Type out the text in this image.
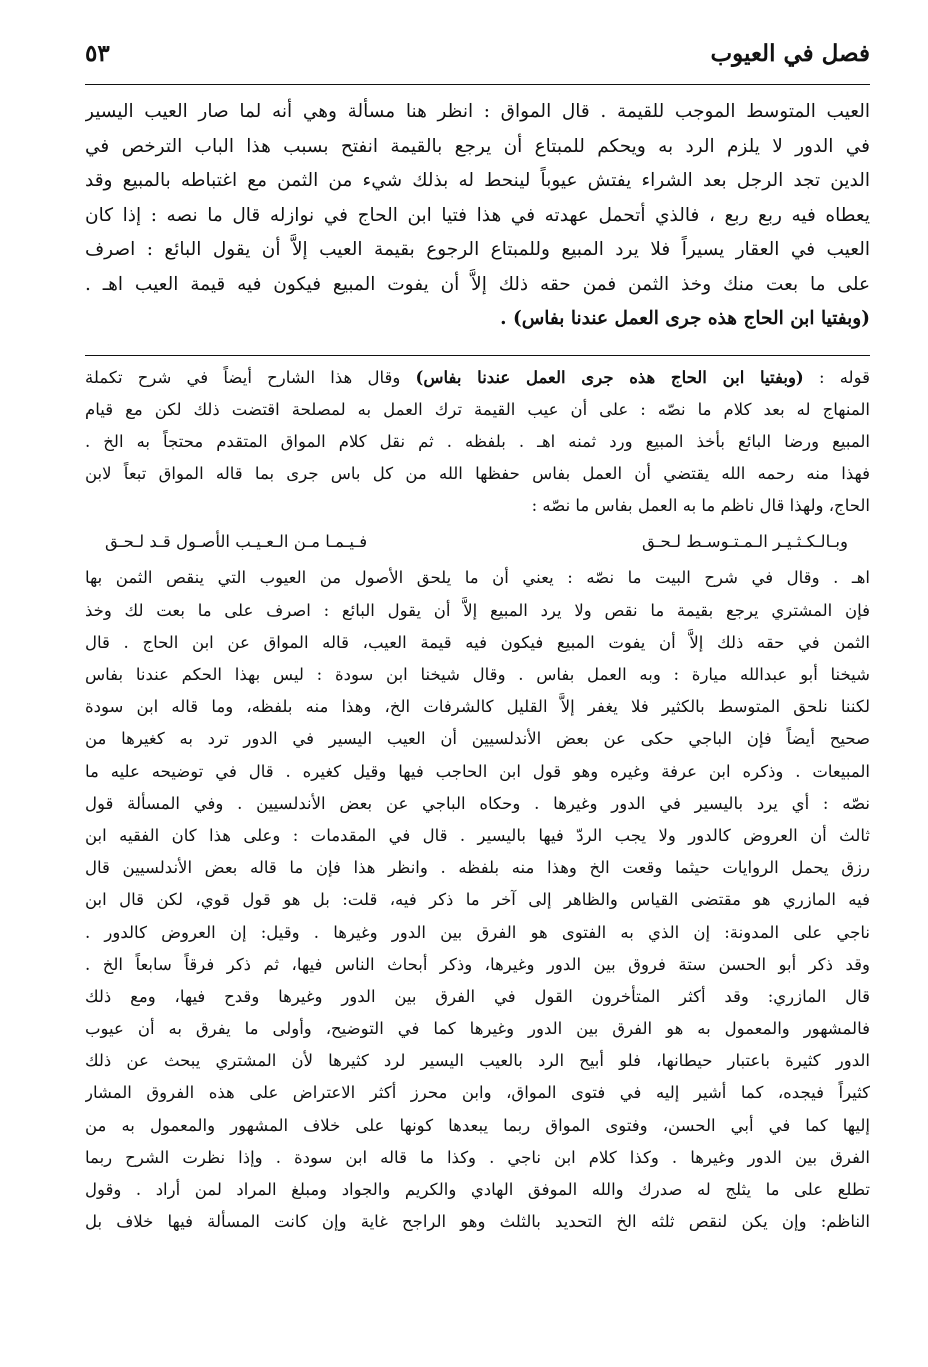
فصل في العيوب
٥٣
العيب المتوسط الموجب للقيمة . قال المواق : انظر هنا مسألة وهي أنه لما صار العيب اليسير
في الدور لا يلزم الرد به ويحكم للمبتاع أن يرجع بالقيمة انفتح بسبب هذا الباب الترخص في
الدين تجد الرجل بعد الشراء يفتش عيوباً لينحط له بذلك شيء من الثمن مع اغتباطه بالمبيع وقد
يعطاه فيه ربع ربع ، فالذي أتحمل عهدته في هذا فتيا ابن الحاج في نوازله قال ما نصه : إذا كان
العيب في العقار يسيراً فلا يرد المبيع وللمبتاع الرجوع بقيمة العيب إلاَّ أن يقول البائع : اصرف
على ما بعت منك وخذ الثمن فمن حقه ذلك إلاَّ أن يفوت المبيع فيكون فيه قيمة العيب اهـ .
(وبفتيا ابن الحاج هذه جرى العمل عندنا بفاس) .
قوله : (وبفتيا ابن الحاج هذه جرى العمل عندنا بفاس) وقال هذا الشارح أيضاً في شرح تكملة
المنهاج له بعد كلام ما نصّه : على أن عيب القيمة ترك العمل به لمصلحة اقتضت ذلك لكن مع قيام
المبيع ورضا البائع بأخذ المبيع ورد ثمنه اهـ . بلفظه . ثم نقل كلام المواق المتقدم محتجاً به الخ .
فهذا منه رحمه الله يقتضي أن العمل بفاس حفظها الله من كل باس جرى بما قاله المواق تبعاً لابن
الحاج، ولهذا قال ناظم ما به العمل بفاس ما نصّه :
وبـالـكـثـيـر الـمـتـوسـط لـحـق
فـيـمـا مـن الـعـيـب الأصـول قـد لـحـق
اهـ . وقال في شرح البيت ما نصّه : يعني أن ما يلحق الأصول من العيوب التي ينقص الثمن بها
فإن المشتري يرجع بقيمة ما نقص ولا يرد المبيع إلاَّ أن يقول البائع : اصرف على ما بعت لك وخذ
الثمن في حقه ذلك إلاَّ أن يفوت المبيع فيكون فيه قيمة العيب، قاله المواق عن ابن الحاج . قال
شيخنا أبو عبدالله ميارة : وبه العمل بفاس . وقال شيخنا ابن سودة : ليس بهذا الحكم عندنا بفاس
لكننا نلحق المتوسط بالكثير فلا يغفر إلاَّ القليل كالشرفات الخ، وهذا منه بلفظه، وما قاله ابن سودة
صحيح أيضاً فإن الباجي حكى عن بعض الأندلسيين أن العيب اليسير في الدور ترد به كغيرها من
المبيعات . وذكره ابن عرفة وغيره وهو قول ابن الحاجب فيها وقيل كغيره . قال في توضيحه عليه ما
نصّه : أي يرد باليسير في الدور وغيرها . وحكاه الباجي عن بعض الأندلسيين . وفي المسألة قول
ثالث أن العروض كالدور ولا يجب الردّ فيها باليسير . قال في المقدمات : وعلى هذا كان الفقيه ابن
رزق يحمل الروايات حيثما وقعت الخ وهذا منه بلفظه . وانظر هذا فإن ما قاله بعض الأندلسيين قال
فيه المازري هو مقتضى القياس والظاهر إلى آخر ما ذكر فيه، قلت: بل هو قول قوي، لكن قال ابن
ناجي على المدونة: إن الذي به الفتوى هو الفرق بين الدور وغيرها . وقيل: إن العروض كالدور .
وقد ذكر أبو الحسن ستة فروق بين الدور وغيرها، وذكر أبحاث الناس فيها، ثم ذكر فرقاً سابعاً الخ .
قال المازري: وقد أكثر المتأخرون القول في الفرق بين الدور وغيرها وقدح فيها، ومع ذلك
فالمشهور والمعمول به هو الفرق بين الدور وغيرها كما في التوضيح، وأولى ما يفرق به أن عيوب
الدور كثيرة باعتبار حيطانها، فلو أبيح الرد بالعيب اليسير لرد كثيرها لأن المشتري يبحث عن ذلك
كثيراً فيجده، كما أشير إليه في فتوى المواق، وابن محرز أكثر الاعتراض على هذه الفروق المشار
إليها كما في أبي الحسن، وفتوى المواق ربما يبعدها كونها على خلاف المشهور والمعمول به من
الفرق بين الدور وغيرها . وكذا كلام ابن ناجي . وكذا ما قاله ابن سودة . وإذا نظرت الشرح ربما
تطلع على ما يثلج له صدرك والله الموفق الهادي والكريم والجواد ومبلغ المراد لمن أراد . وقول
الناظم: وإن يكن لنقص ثلثه الخ التحديد بالثلث وهو الراجح غاية وإن كانت المسألة فيها خلاف بل
